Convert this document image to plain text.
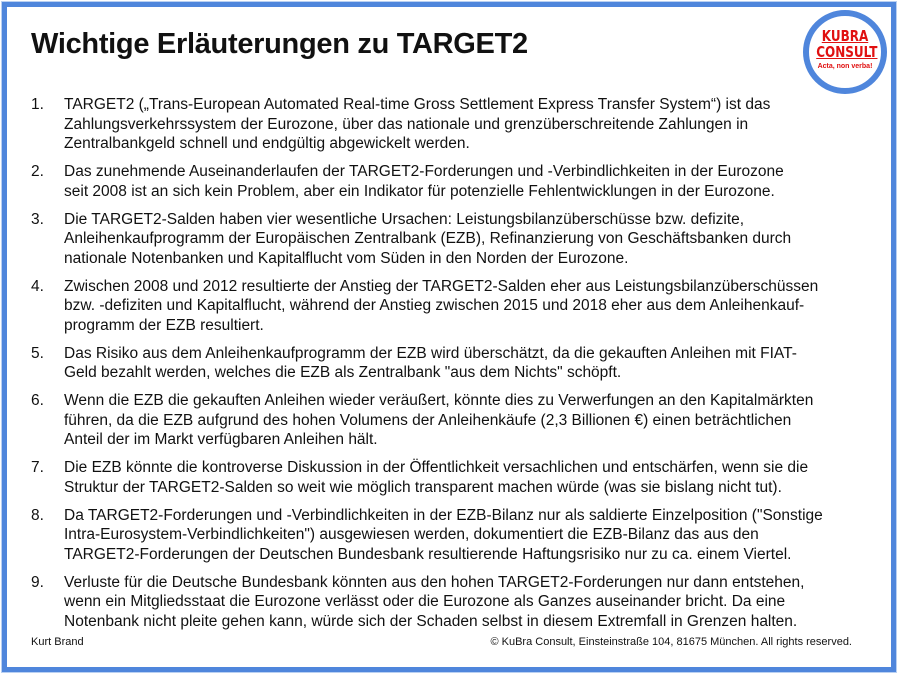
Wichtige Erläuterungen zu TARGET2	KUBRA
CONSULT
Acta, non verba!
1.	TARGET2 („Trans-European Automated Real-time Gross Settlement Express Transfer System“) ist das
Zahlungsverkehrssystem der Eurozone, über das nationale und grenzüberschreitende Zahlungen in
Zentralbankgeld schnell und endgültig abgewickelt werden.
2.	Das zunehmende Auseinanderlaufen der TARGET2-Forderungen und -Verbindlichkeiten in der Eurozone
seit 2008 ist an sich kein Problem, aber ein Indikator für potenzielle Fehlentwicklungen in der Eurozone.
3.	Die TARGET2-Salden haben vier wesentliche Ursachen: Leistungsbilanzüberschüsse bzw. defizite,
Anleihenkaufprogramm der Europäischen Zentralbank (EZB), Refinanzierung von Geschäftsbanken durch
nationale Notenbanken und Kapitalflucht vom Süden in den Norden der Eurozone.
4.	Zwischen 2008 und 2012 resultierte der Anstieg der TARGET2-Salden eher aus Leistungsbilanzüberschüssen
bzw. -defiziten und Kapitalflucht, während der Anstieg zwischen 2015 und 2018 eher aus dem Anleihenkauf-
programm der EZB resultiert.
5.	Das Risiko aus dem Anleihenkaufprogramm der EZB wird überschätzt, da die gekauften Anleihen mit FIAT-
Geld bezahlt werden, welches die EZB als Zentralbank "aus dem Nichts" schöpft.
6.	Wenn die EZB die gekauften Anleihen wieder veräußert, könnte dies zu Verwerfungen an den Kapitalmärkten
führen, da die EZB aufgrund des hohen Volumens der Anleihenkäufe (2,3 Billionen €) einen beträchtlichen
Anteil der im Markt verfügbaren Anleihen hält.
7.	Die EZB könnte die kontroverse Diskussion in der Öffentlichkeit versachlichen und entschärfen, wenn sie die
Struktur der TARGET2-Salden so weit wie möglich transparent machen würde (was sie bislang nicht tut).
8.	Da TARGET2-Forderungen und -Verbindlichkeiten in der EZB-Bilanz nur als saldierte Einzelposition ("Sonstige
Intra-Eurosystem-Verbindlichkeiten") ausgewiesen werden, dokumentiert die EZB-Bilanz das aus den
TARGET2-Forderungen der Deutschen Bundesbank resultierende Haftungsrisiko nur zu ca. einem Viertel.
9.	Verluste für die Deutsche Bundesbank könnten aus den hohen TARGET2-Forderungen nur dann entstehen,
wenn ein Mitgliedsstaat die Eurozone verlässt oder die Eurozone als Ganzes auseinander bricht. Da eine
Notenbank nicht pleite gehen kann, würde sich der Schaden selbst in diesem Extremfall in Grenzen halten.
Kurt Brand	© KuBra Consult, Einsteinstraße 104, 81675 München. All rights reserved.
